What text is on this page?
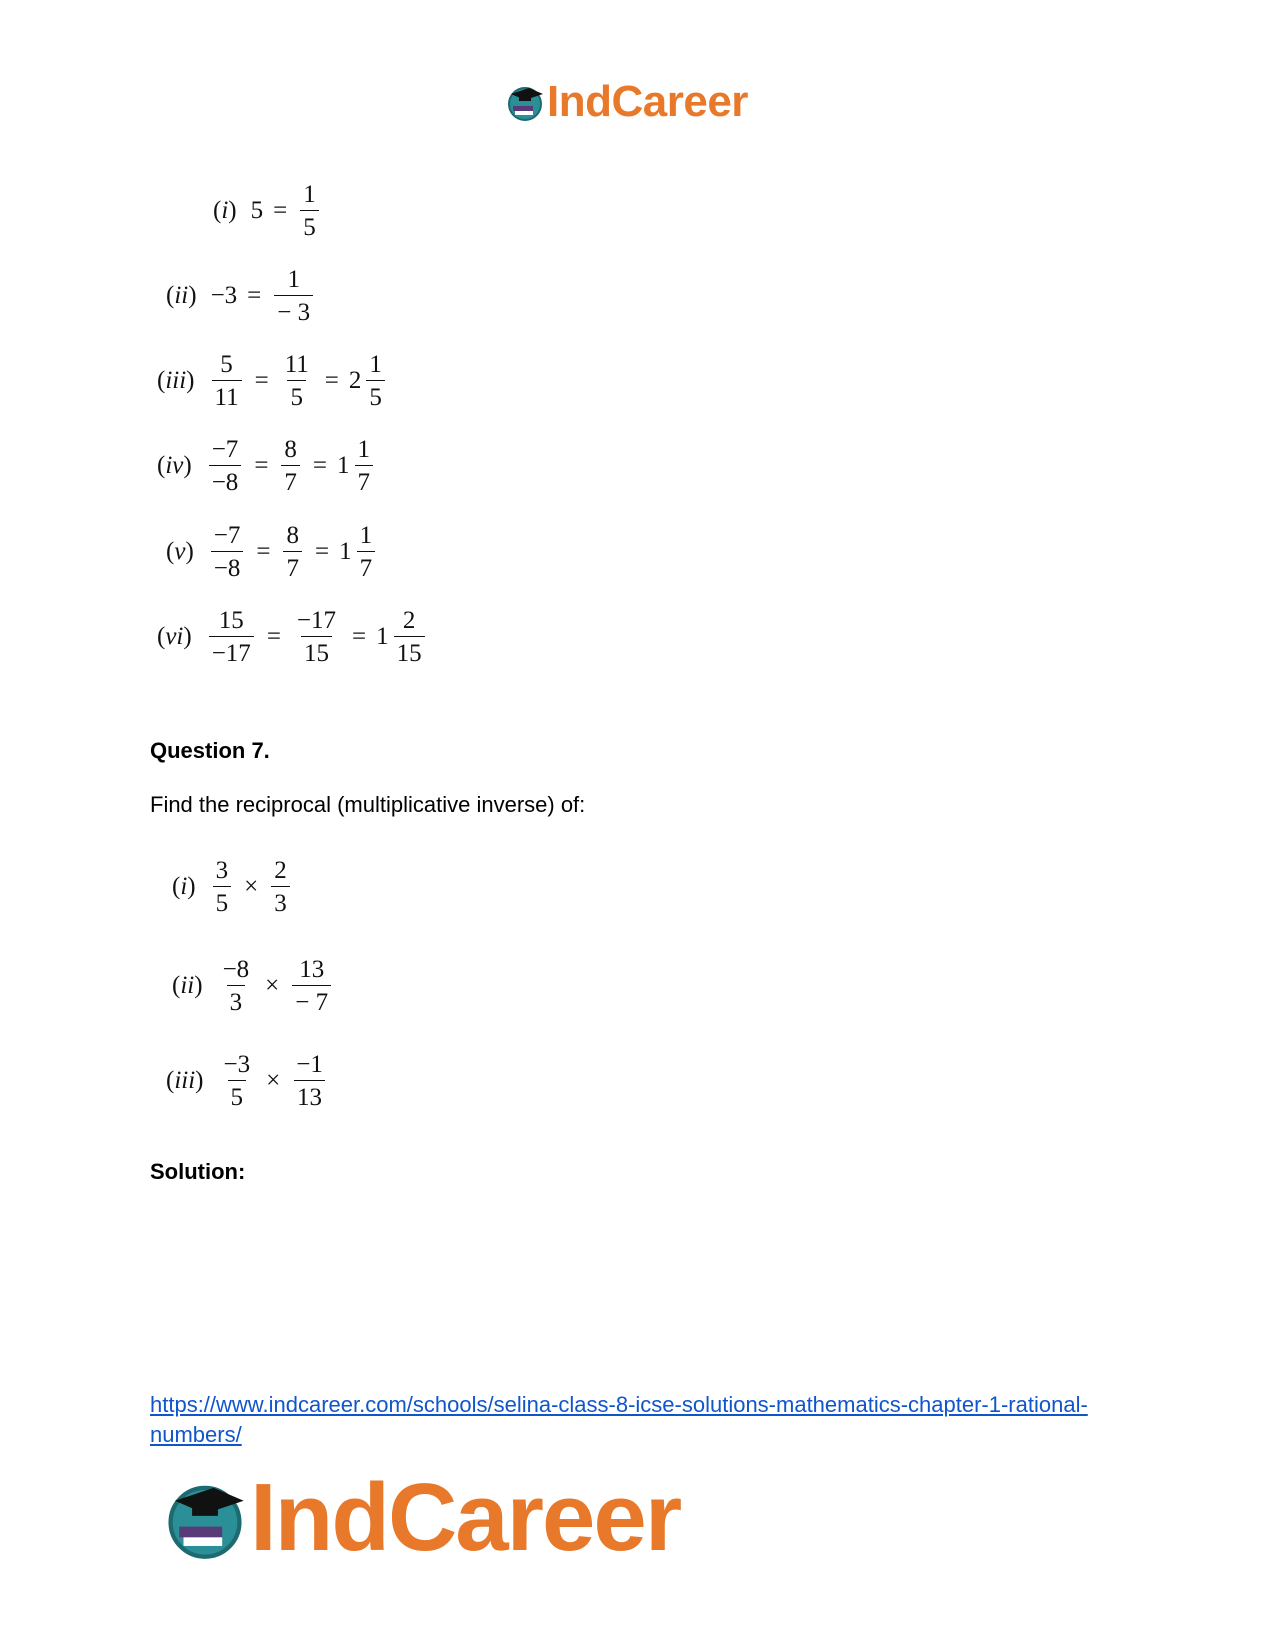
IndCareer
(i) $5 = \frac{1}{5}$
$(ii) -3 = \frac{1}{- 3}$
$(iii) \frac{5}{11} = \frac{11}{5} = 2 \frac{1}{5}$
$(iv) \frac{-7}{-8} = \frac{8}{7} = 1 \frac{1}{7}$
$(v) \frac{-7}{-8} = \frac{8}{7} = 1 \frac{1}{7}$
$(vi) \frac{15}{-17} = \frac{-17}{15} = 1 \frac{2}{15}$
Question 7.
Find the reciprocal (multiplicative inverse) of:
$(i) \frac{3}{5} \times \frac{2}{3}$
$(ii) \frac{-8}{3} \times \frac{13}{- 7}$
$(iii) \frac{-3}{5} \times \frac{-1}{13}$
Solution:
https://www.indcareer.com/schools/selina-class-8-icse-solutions-mathematics-chapter-1-rational-numbers/
IndCareer
